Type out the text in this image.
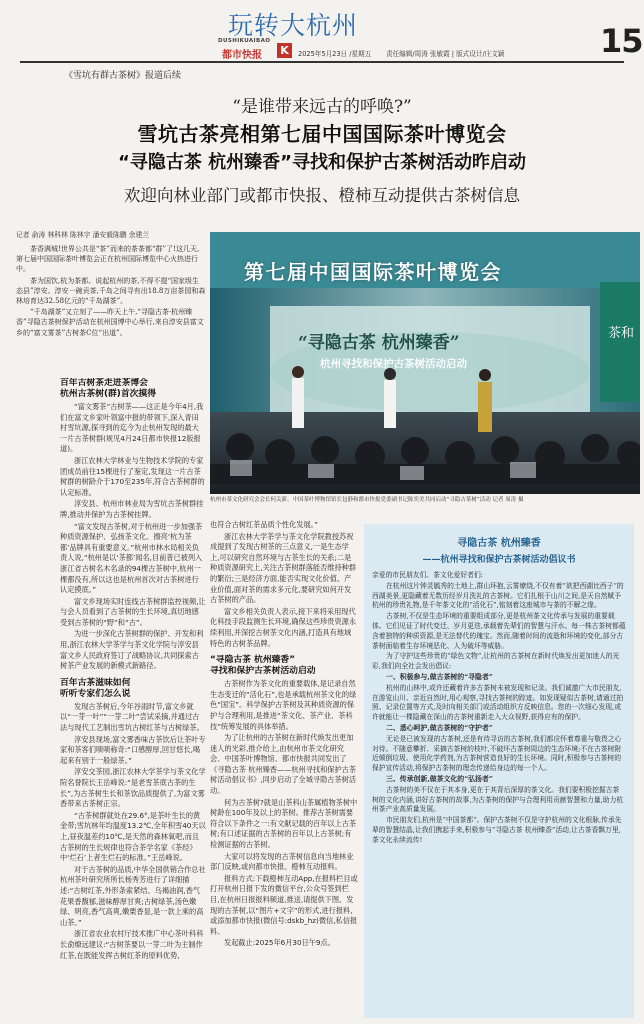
玩转大杭州
DUSHIKUAIBAO
都市快报 K	2025年5月23日 /星期五 责任编辑/周涛 张敏霞 | 版式设计/庄文颖	15
《雪坑有群古茶树》报道后续
“是谁带来远古的呼唤?”
雪坑古茶亮相第七届中国国际茶叶博览会
“寻隐古茶 杭州臻香”寻找和保护古茶树活动昨启动
欢迎向林业部门或都市快报、橙柿互动提供古茶树信息
记者 俞涛 林科林 陈林宇 潘安毅陈鹏 余建兰

茶香满城!世界公共是“茶”而来的茶茶都“群”了!这几天,第七届中国国际茶叶博览会正在杭州国际博览中心火热进行中。

茶为国饮,杭为茶都。说起杭州的茶,不得不提“国家级生态县”淳安。淳安一碗贡茶,千岛之间寻有出18.8万亩茶园和森林培育达32.58亿元的“千岛湖茶”。

“千岛湖茶”又立刻了——昨天上午,“寻隐古茶·杭州臻香”寻隐古茶树保护活动在杭州国博中心举行,来自淳安县富文乡的“富文雾茶”古树茶C位“出道”。

第七届中国国际茶叶博览会
“寻隐古茶 杭州臻香”
杭州寻找和保护古茶树活动启动
茶和
杭州市茶文化研究会会长何关新、中国茶叶博物馆馆长包静和都市快报党委副书记陈奕美共同启动“寻隐古茶树”活动 记者 周涛 摄
百年古树茶走进茶博会
杭州古茶树(群)首次摸得

“富文雾茶”古树茶——这正是今年4月,我们在富文乡家叶领富中报的带领下,深入青田村雪坑源,探寻到的迄今为止杭州发现的最大一片古茶树群(规见4月24日都市快报12版报道)。

浙江农林大学林业与生物技术学院的专家团成员前往15棵进行了鉴定,发现这一片古茶树群的树龄介于170至235年,符合古茶树群的认定标准。

淳安县、杭州市林业局为雪坑古茶树群挂牌,推动并保护为古茶树挂牌。

“富文发现古茶树,对于杭州进一步加强茶种质资源保护、弘扬茶文化、擦亮‘杭为茶都’品牌具有重要意义。”杭州市林水局相关负责人说,“杭州是以‘茶都’闻名,目前普已被列入浙江省古树名木名录的94棵古茶树中,杭州一棵都没有,所以这也是杭州首次对古茶树进行认定摸底。”

富文乡现场实时连线古茶树群监控视频,让与会人员看到了古茶树的生长环境,真切地感受到古茶树的“野”和“古”。

为进一步深化古茶树群的保护、开发和利用,浙江农林大学茶学与茶文化学院与淳安县富文乡人民政府签订了战略协议,共同探索古树茶产业发展的新模式新路径。

百年古茶滋味如何
听听专家们怎么说

发现古茶树后,今年谷雨时节,富文乡就以“一芽一叶”“一芽二叶”尝试采摘,并通过古法与现代工艺制出雪坑古树红茶与古树绿茶。

淳安县现场,富文雾香味古茶饮后让茶叶专家和茶客们啧啧称奇:“口感醇厚,回甘悠长,喝起来有别于一般绿茶。”

淳安交茶园,浙江农林大学茶学与茶文化学院名誉院长王岳峰说:“是老雪茶底古茶的生长”,为古茶树生长和茶饮品质提供了,为富文雾香带来古茶树正宗。

“古茶树群就处在29.6°,是茶叶生长的黄金带;雪坑林年均温度13.2℃,全年积雪40天以上,昼夜温差约10℃,是天然的森林氧吧,而且古茶树的生长规律也符合茶学名家《茶经》中‘烂石’上者生烂石的标准。”王岳峰说。

对于古茶树的品质,中华全国供销合作总社杭州茶叶研究所所长杨秀芳进行了详细描述:“古树红茶,外形条索紧结、乌褐油润,香气花果香馥郁,滋味醇厚甘爽;古树绿茶,汤色嫩绿、明亮,香气高爽,嫩栗香显,是一款上乘的高山茶。”

浙江省农业农村厅技术推广中心茶叶科科长俞燎远建议:“古树茶要以一芽二叶为主制作红茶,在既能发挥古树红茶的原料优势,

也符合古树红茶品质个性化发展。”

浙江农林大学茶学与茶文化学院教授苏祝成提到了发现古树茶的三点意义,一是生态学上,可以研究自然环境与古茶生长的关系;二是种质资源研究上,关注古茶树群落能否维持种群的繁衍;三是经济方面,能否实现文化价值、产业价值,面对茶的需求多元化,要研究如何开发古茶树的产品。

富文乡相关负责人表示,接下来将采用现代化科技手段监测生长环境,确保这些珍贵资源永续利用,并深挖古树茶文化内涵,打造具有地域特色的古树茶品牌。

“寻隐古茶 杭州臻香”
寻找和保护古茶树活动启动

古茶树作为茶文化的重要载体,是记录自然生态变迁的“活化石”,也是承载杭州茶文化的绿色“国宝”。科学保护古茶树及其种质资源的保护与合理利用,是推进“茶文化、茶产业、茶科技”统筹发展的具体举措。

为了让杭州的古茶树在新时代焕发出更加迷人的光彩,推介给上,由杭州市茶文化研究会、中国茶叶博物馆、都市快报共同发出了《寻隐古茶 杭州臻香——杭州寻找和保护古茶树活动倡议书》,同步启动了全城寻隐古茶树活动。

何为古茶树?就是山茶科山茶属植物茶树中树龄在100年及以上的茶树。推荐古茶树需要符合以下条件之一:有文献记载的百年以上古茶树;有口述证据的古茶树的百年以上古茶树;有检测证据的古茶树。

大家可以将发现的古茶树信息向当地林业部门反映,或向都市快报、橙柿互动报料。

报料方式:下载橙柿互动App,在报料栏目或打开杭州日报下发的微信平台,公众号签到栏目,在杭州日报报料频道,推送,请提供下图、发现的古茶树,以“图片+文字”的形式,进行报料,或添加都市快报(微信号:dskb_hz)微信,私信报料。

发起截止:2025年6月30日午9点。

寻隐古茶 杭州臻香
——杭州寻找和保护古茶树活动倡议书

亲爱的市民朋友们、茶文化爱好者们:

在杭州这片钟灵毓秀的土地上,群山环抱,云雾缭绕,不仅有着“欲把西湖比西子”的西湖美景,更隐藏着无数历经岁月洗礼的古茶树。它们扎根于山川之间,是天自然赋予杭州的珍贵礼物,是千年茶文化的“活化石”,铭刻着这座城市与茶的不解之缘。

古茶树,不仅是生态环境的重要组成部分,更是杭州茶文化传承与发展的重要载体。它们见证了时代变迁、岁月更迭,承载着先辈们的智慧与汗水。每一株古茶树都蕴含着独特的种质资源,是无法替代的瑰宝。然而,随着时间的流逝和环境的变化,部分古茶树面临着生存环境恶化、人为破坏等威胁。

为了守护这些珍贵的“绿色文物”,让杭州的古茶树在新时代焕发出更加迷人的光彩,我们向全社会发出倡议:

一、积极参与,做古茶树的“寻隐者”

杭州的山林中,或许还藏着许多古茶树未被发现和记录。我们诚邀广大市民朋友,在游览山川、亲近自然时,用心观察,寻找古茶树的踪迹。如发现疑似古茶树,请通过拍照、记录位置等方式,及时向相关部门或活动组织方反映信息。您的一次细心发现,或许就能让一棵隐藏在深山的古茶树重新走入大众视野,获得应有的保护。

二、悉心呵护,做古茶树的“守护者”

无论是已被发现的古茶树,还是有待寻访的古茶树,我们都应怀着尊重与敬畏之心对待。不随意攀折、采摘古茶树的枝叶,不破坏古茶树周边的生态环境;不在古茶树附近倾倒垃圾、使用化学药剂,为古茶树营造良好的生长环境。同时,积极参与古茶树的保护宣传活动,将保护古茶树的理念传递给身边的每一个人。

三、传承创新,做茶文化的“弘扬者”

古茶树的美不仅在于其本身,更在于其背后深厚的茶文化。我们要积极挖掘古茶树的文化内涵,讲好古茶树的故事,为古茶树的保护与合理利用贡献智慧和力量,助力杭州茶产业高质量发展。

市民朋友们,杭州是“中国茶都”。保护古茶树不仅是守护杭州的文化根脉,传承先辈的智慧结晶,让我们携起手来,积极参与“寻隐古茶 杭州臻香”活动,让古茶香飘万里,茶文化永续流传!
